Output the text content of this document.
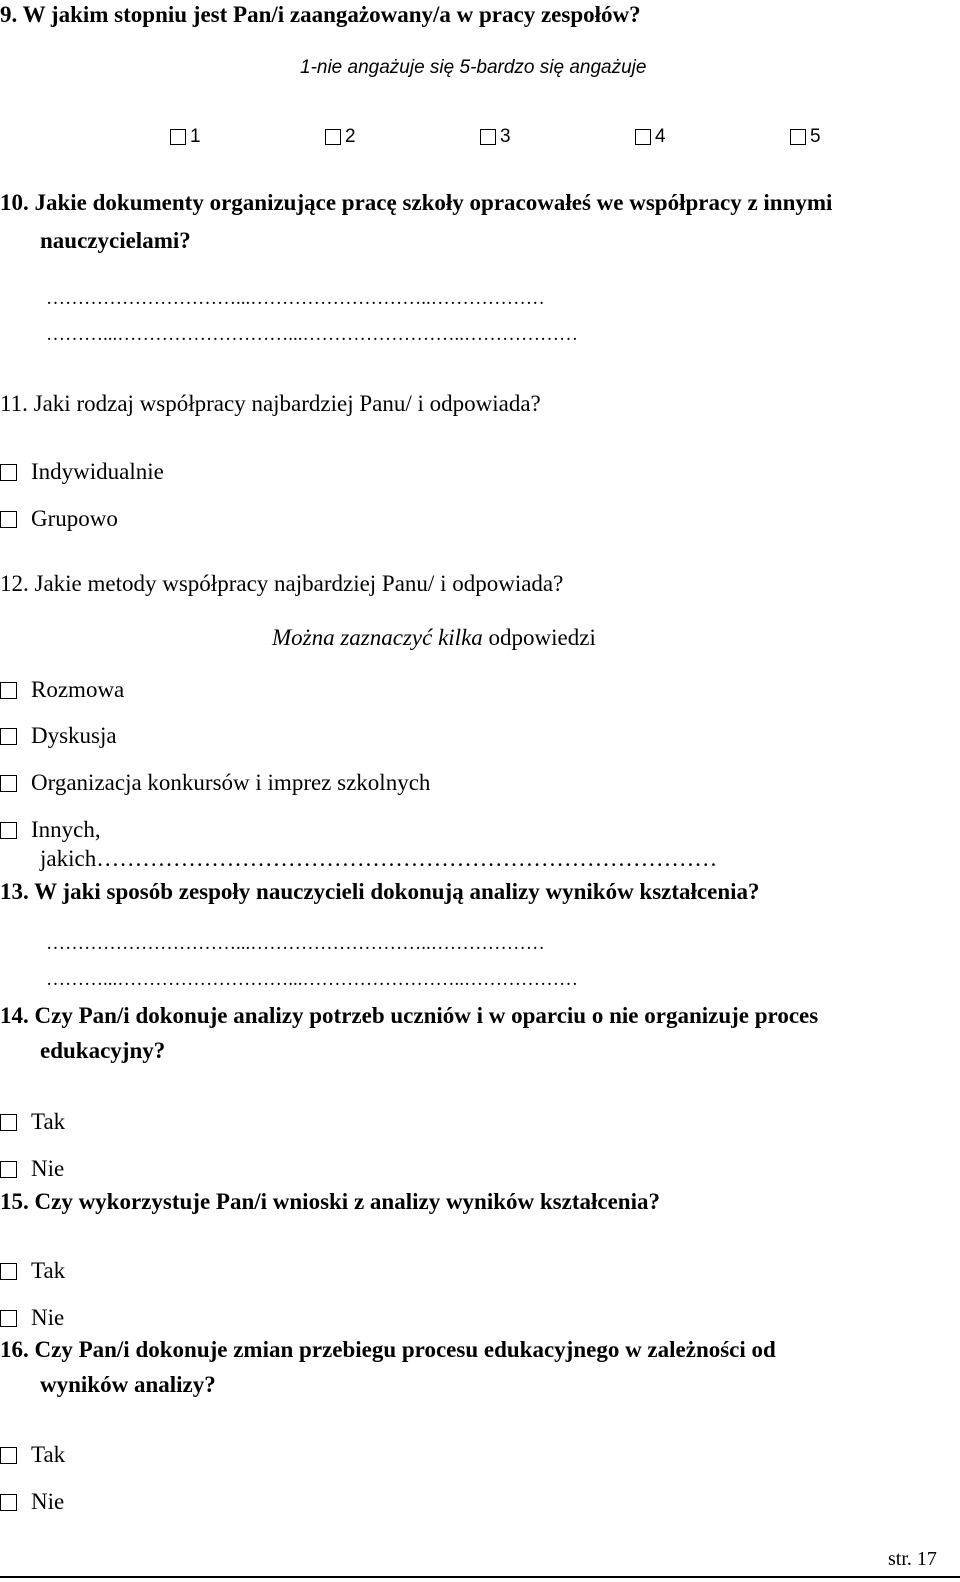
9. W jakim stopniu jest Pan/i zaangażowany/a w pracy zespołów?
1-nie angażuje się 5-bardzo się angażuje
1	2	3	4	5
10. Jakie dokumenty organizujące pracę szkoły opracowałeś we współpracy z innymi
nauczycielami?
…………………………...………………………..………………
………...………………………...……………………..………………
11. Jaki rodzaj współpracy najbardziej Panu/ i odpowiada?
Indywidualnie
Grupowo
12. Jakie metody współpracy najbardziej Panu/ i odpowiada?
Można zaznaczyć kilka odpowiedzi
Rozmowa
Dyskusja
Organizacja konkursów i imprez szkolnych
Innych,
jakich………………………………………………………………………
13. W jaki sposób zespoły nauczycieli dokonują analizy wyników kształcenia?
…………………………...………………………..………………
………...………………………...……………………..………………
14. Czy Pan/i dokonuje analizy potrzeb uczniów i w oparciu o nie organizuje proces
edukacyjny?
Tak
Nie
15. Czy wykorzystuje Pan/i wnioski z analizy wyników kształcenia?
Tak
Nie
16. Czy Pan/i dokonuje zmian przebiegu procesu edukacyjnego w zależności od
wyników analizy?
Tak
Nie
str. 17
